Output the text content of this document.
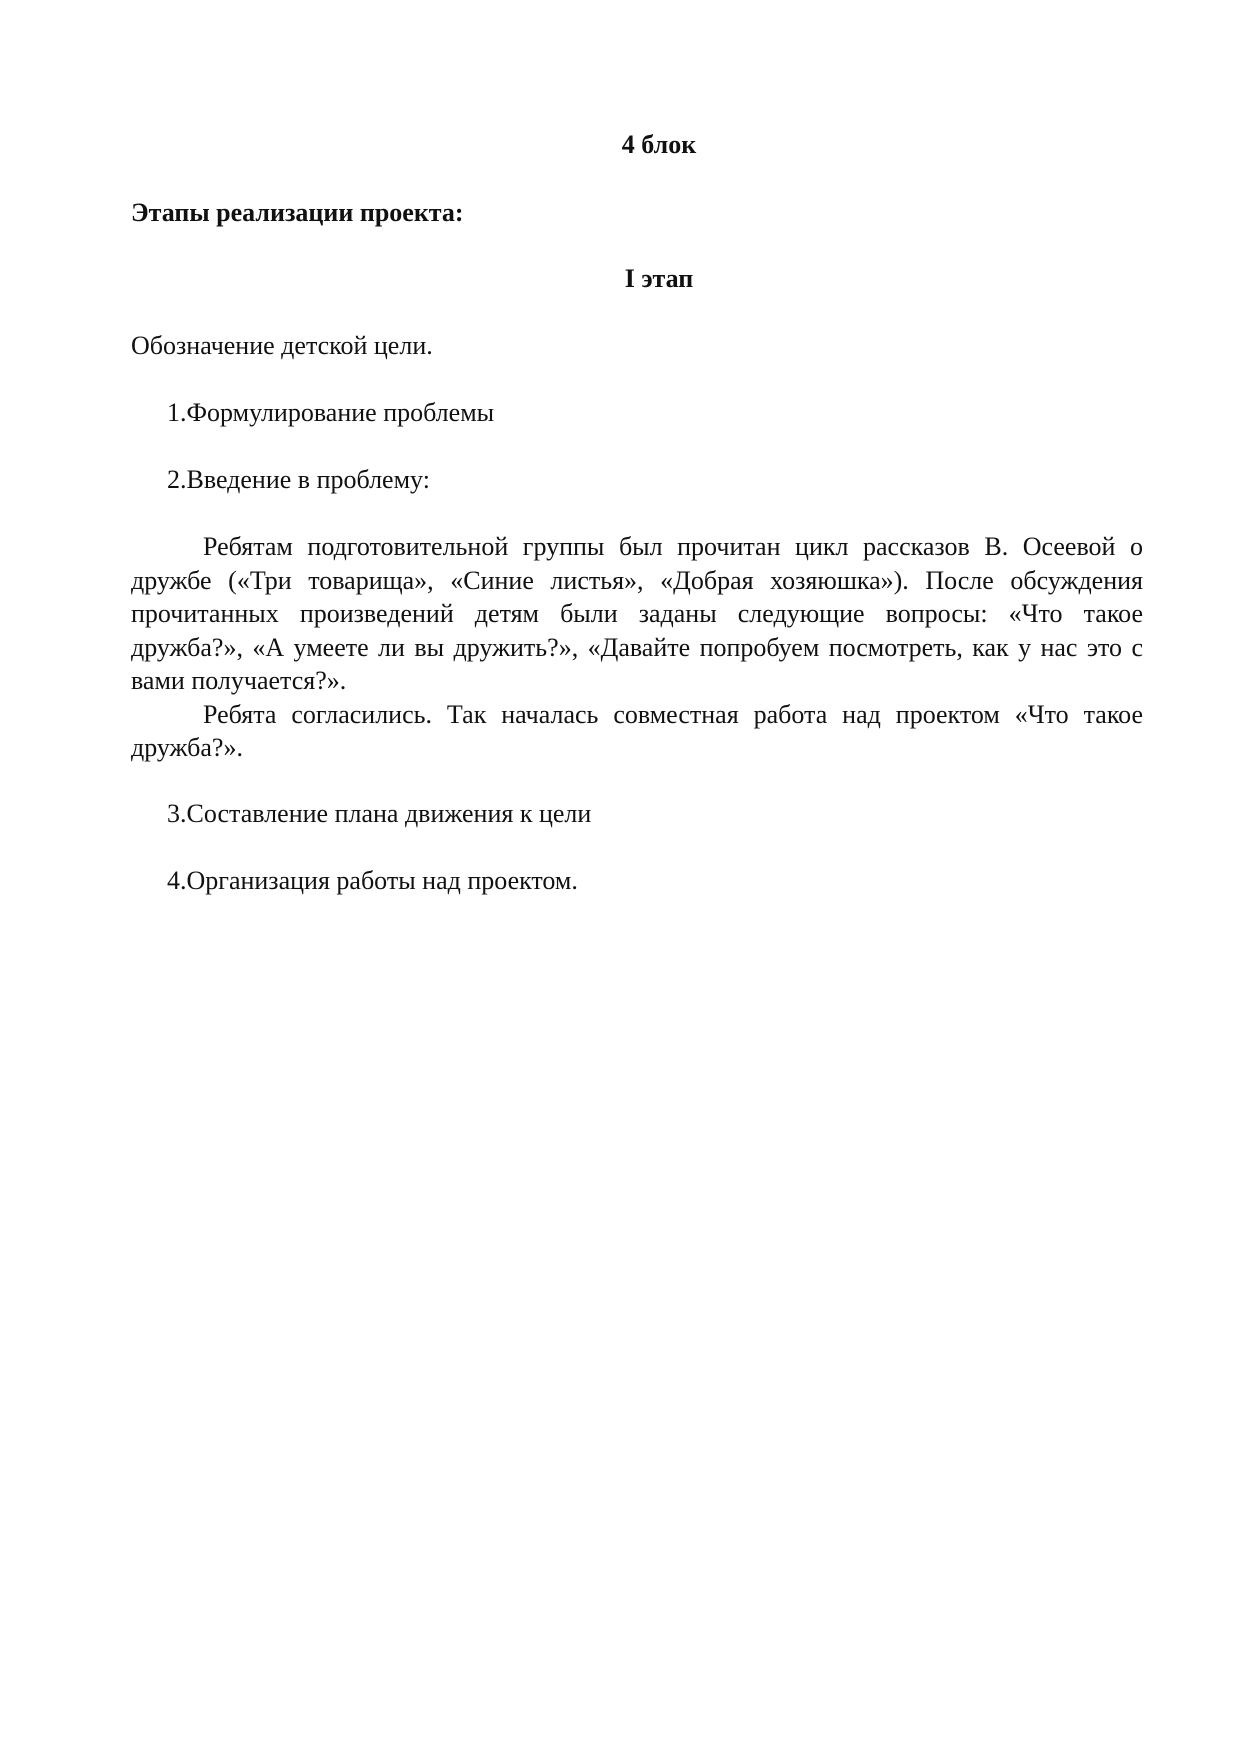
4 блок
Этапы реализации проекта:
I этап

Обозначение детской цели.

1.Формулирование проблемы

2.Введение в проблему:

Ребятам подготовительной группы был прочитан цикл рассказов В. Осеевой о дружбе («Три товарища», «Синие листья», «Добрая хозяюшка»). После обсуждения прочитанных произведений детям были заданы следующие вопросы: «Что такое дружба?», «А умеете ли вы дружить?», «Давайте попробуем посмотреть, как у нас это с вами получается?».

Ребята согласились. Так началась совместная работа над проектом «Что такое дружба?».

3.Составление плана движения к цели

4.Организация работы над проектом.
